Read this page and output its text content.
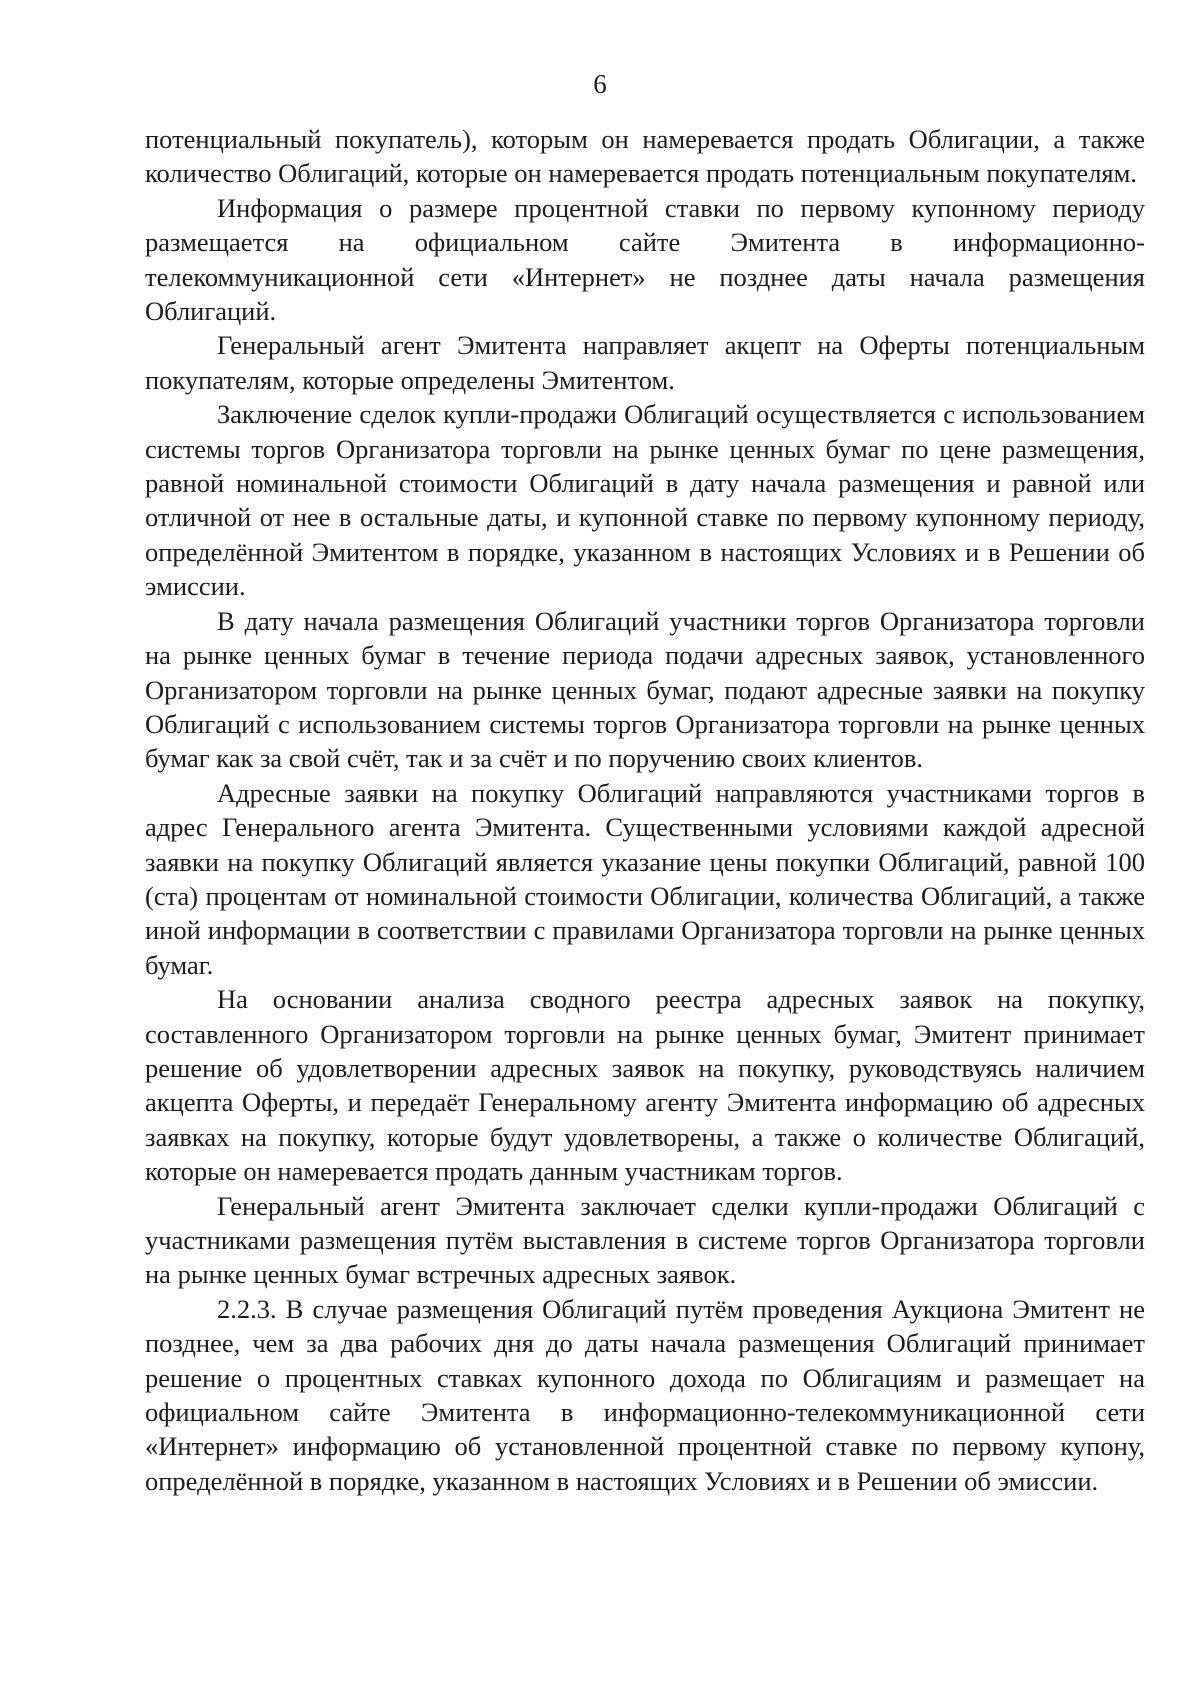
6

потенциальный покупатель), которым он намеревается продать Облигации, а также количество Облигаций, которые он намеревается продать потенциальным покупателям.

Информация о размере процентной ставки по первому купонному периоду размещается на официальном сайте Эмитента в информационно-телекоммуникационной сети «Интернет» не позднее даты начала размещения Облигаций.

Генеральный агент Эмитента направляет акцепт на Оферты потенциальным покупателям, которые определены Эмитентом.

Заключение сделок купли-продажи Облигаций осуществляется с использованием системы торгов Организатора торговли на рынке ценных бумаг по цене размещения, равной номинальной стоимости Облигаций в дату начала размещения и равной или отличной от нее в остальные даты, и купонной ставке по первому купонному периоду, определённой Эмитентом в порядке, указанном в настоящих Условиях и в Решении об эмиссии.

В дату начала размещения Облигаций участники торгов Организатора торговли на рынке ценных бумаг в течение периода подачи адресных заявок, установленного Организатором торговли на рынке ценных бумаг, подают адресные заявки на покупку Облигаций с использованием системы торгов Организатора торговли на рынке ценных бумаг как за свой счёт, так и за счёт и по поручению своих клиентов.

Адресные заявки на покупку Облигаций направляются участниками торгов в адрес Генерального агента Эмитента. Существенными условиями каждой адресной заявки на покупку Облигаций является указание цены покупки Облигаций, равной 100 (ста) процентам от номинальной стоимости Облигации, количества Облигаций, а также иной информации в соответствии с правилами Организатора торговли на рынке ценных бумаг.

На основании анализа сводного реестра адресных заявок на покупку, составленного Организатором торговли на рынке ценных бумаг, Эмитент принимает решение об удовлетворении адресных заявок на покупку, руководствуясь наличием акцепта Оферты, и передаёт Генеральному агенту Эмитента информацию об адресных заявках на покупку, которые будут удовлетворены, а также о количестве Облигаций, которые он намеревается продать данным участникам торгов.

Генеральный агент Эмитента заключает сделки купли-продажи Облигаций с участниками размещения путём выставления в системе торгов Организатора торговли на рынке ценных бумаг встречных адресных заявок.

2.2.3. В случае размещения Облигаций путём проведения Аукциона Эмитент не позднее, чем за два рабочих дня до даты начала размещения Облигаций принимает решение о процентных ставках купонного дохода по Облигациям и размещает на официальном сайте Эмитента в информационно-телекоммуникационной сети «Интернет» информацию об установленной процентной ставке по первому купону, определённой в порядке, указанном в настоящих Условиях и в Решении об эмиссии.
